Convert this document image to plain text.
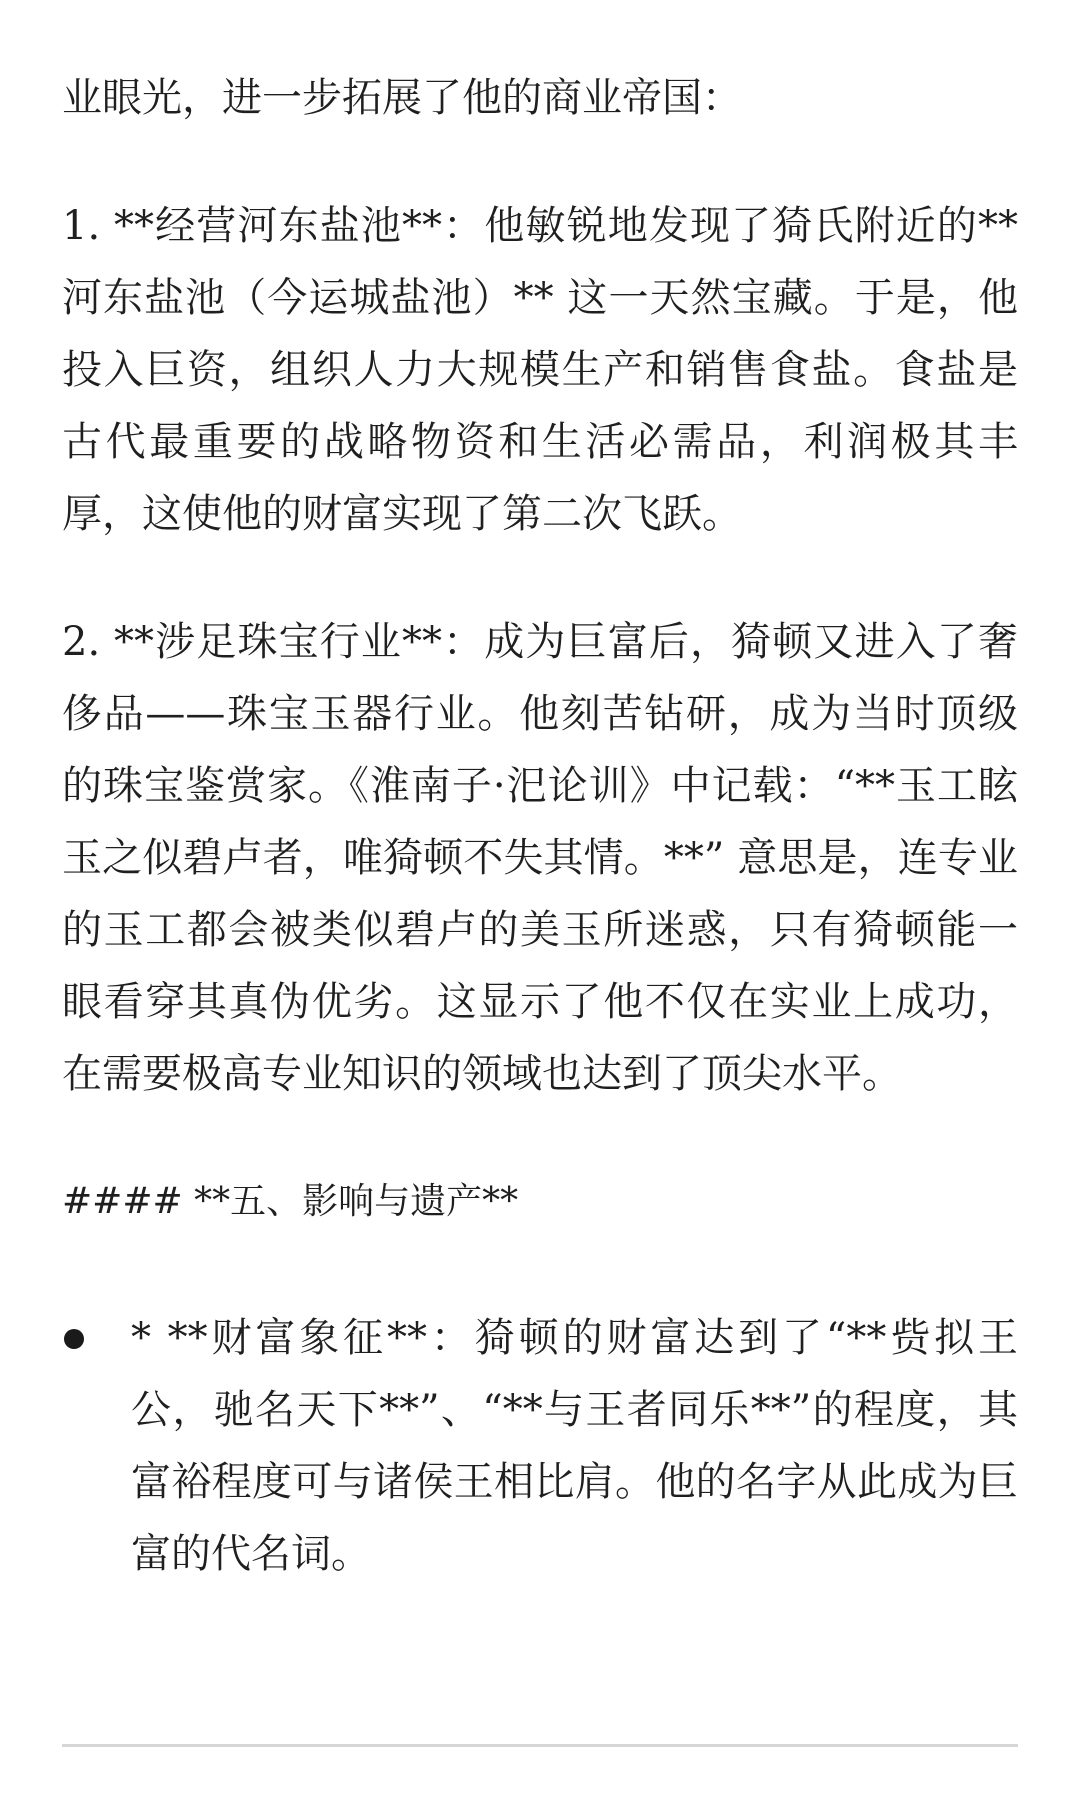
业眼光，进一步拓展了他的商业帝国：

1. **经营河东盐池**：他敏锐地发现了猗氏附近的**河东盐池（今运城盐池）** 这一天然宝藏。于是，他投入巨资，组织人力大规模生产和销售食盐。食盐是古代最重要的战略物资和生活必需品，利润极其丰厚，这使他的财富实现了第二次飞跃。

2. **涉足珠宝行业**：成为巨富后，猗顿又进入了奢侈品——珠宝玉器行业。他刻苦钻研，成为当时顶级的珠宝鉴赏家。《淮南子·汜论训》中记载：“**玉工眩玉之似碧卢者，唯猗顿不失其情。**” 意思是，连专业的玉工都会被类似碧卢的美玉所迷惑，只有猗顿能一眼看穿其真伪优劣。这显示了他不仅在实业上成功，在需要极高专业知识的领域也达到了顶尖水平。

#### **五、影响与遗产**

* **财富象征**：猗顿的财富达到了“**赀拟王公，驰名天下**”、“**与王者同乐**”的程度，其富裕程度可与诸侯王相比肩。他的名字从此成为巨富的代名词。
